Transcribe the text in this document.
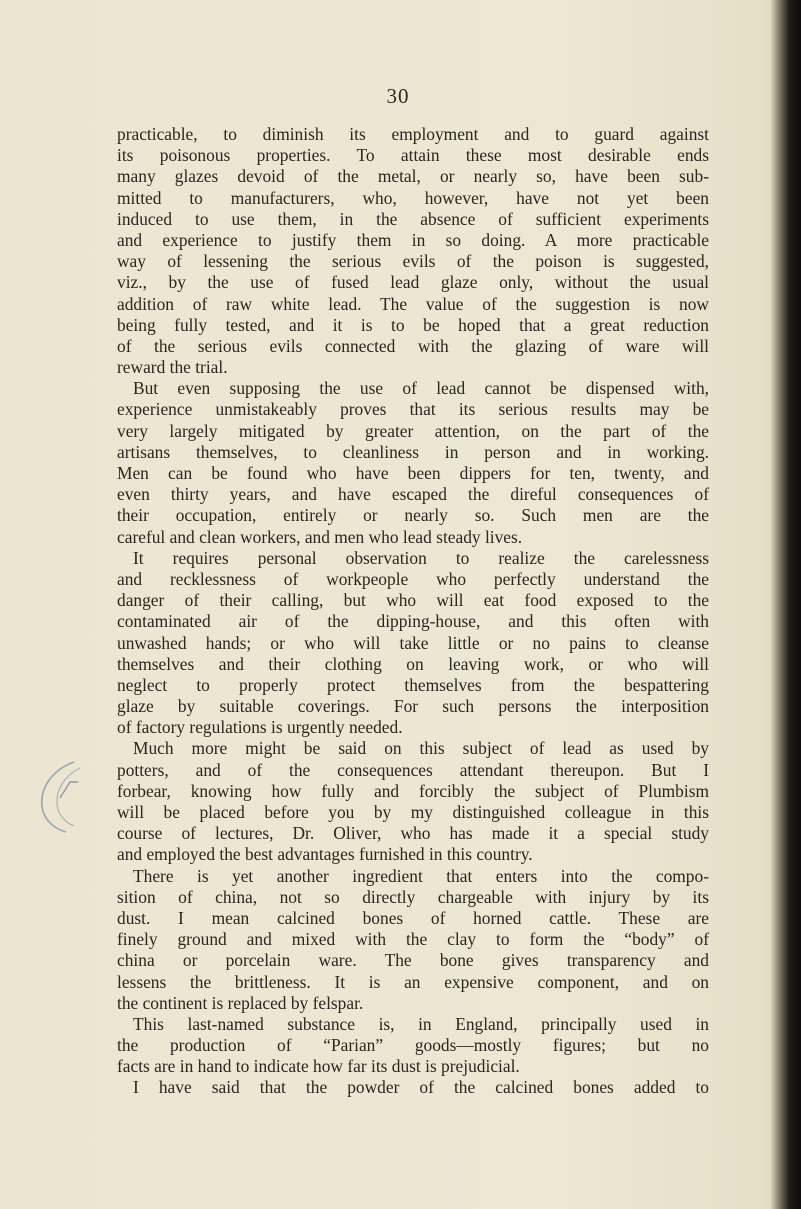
30
practicable, to diminish its employment and to guard against
its poisonous properties. To attain these most desirable ends
many glazes devoid of the metal, or nearly so, have been sub-
mitted to manufacturers, who, however, have not yet been
induced to use them, in the absence of sufficient experiments
and experience to justify them in so doing. A more practicable
way of lessening the serious evils of the poison is suggested,
viz., by the use of fused lead glaze only, without the usual
addition of raw white lead. The value of the suggestion is now
being fully tested, and it is to be hoped that a great reduction
of the serious evils connected with the glazing of ware will
reward the trial.
But even supposing the use of lead cannot be dispensed with,
experience unmistakeably proves that its serious results may be
very largely mitigated by greater attention, on the part of the
artisans themselves, to cleanliness in person and in working.
Men can be found who have been dippers for ten, twenty, and
even thirty years, and have escaped the direful consequences of
their occupation, entirely or nearly so. Such men are the
careful and clean workers, and men who lead steady lives.
It requires personal observation to realize the carelessness
and recklessness of workpeople who perfectly understand the
danger of their calling, but who will eat food exposed to the
contaminated air of the dipping-house, and this often with
unwashed hands; or who will take little or no pains to cleanse
themselves and their clothing on leaving work, or who will
neglect to properly protect themselves from the bespattering
glaze by suitable coverings. For such persons the interposition
of factory regulations is urgently needed.
Much more might be said on this subject of lead as used by
potters, and of the consequences attendant thereupon. But I
forbear, knowing how fully and forcibly the subject of Plumbism
will be placed before you by my distinguished colleague in this
course of lectures, Dr. Oliver, who has made it a special study
and employed the best advantages furnished in this country.
There is yet another ingredient that enters into the compo-
sition of china, not so directly chargeable with injury by its
dust. I mean calcined bones of horned cattle. These are
finely ground and mixed with the clay to form the “body” of
china or porcelain ware. The bone gives transparency and
lessens the brittleness. It is an expensive component, and on
the continent is replaced by felspar.
This last-named substance is, in England, principally used in
the production of “Parian” goods—mostly figures; but no
facts are in hand to indicate how far its dust is prejudicial.
I have said that the powder of the calcined bones added to
